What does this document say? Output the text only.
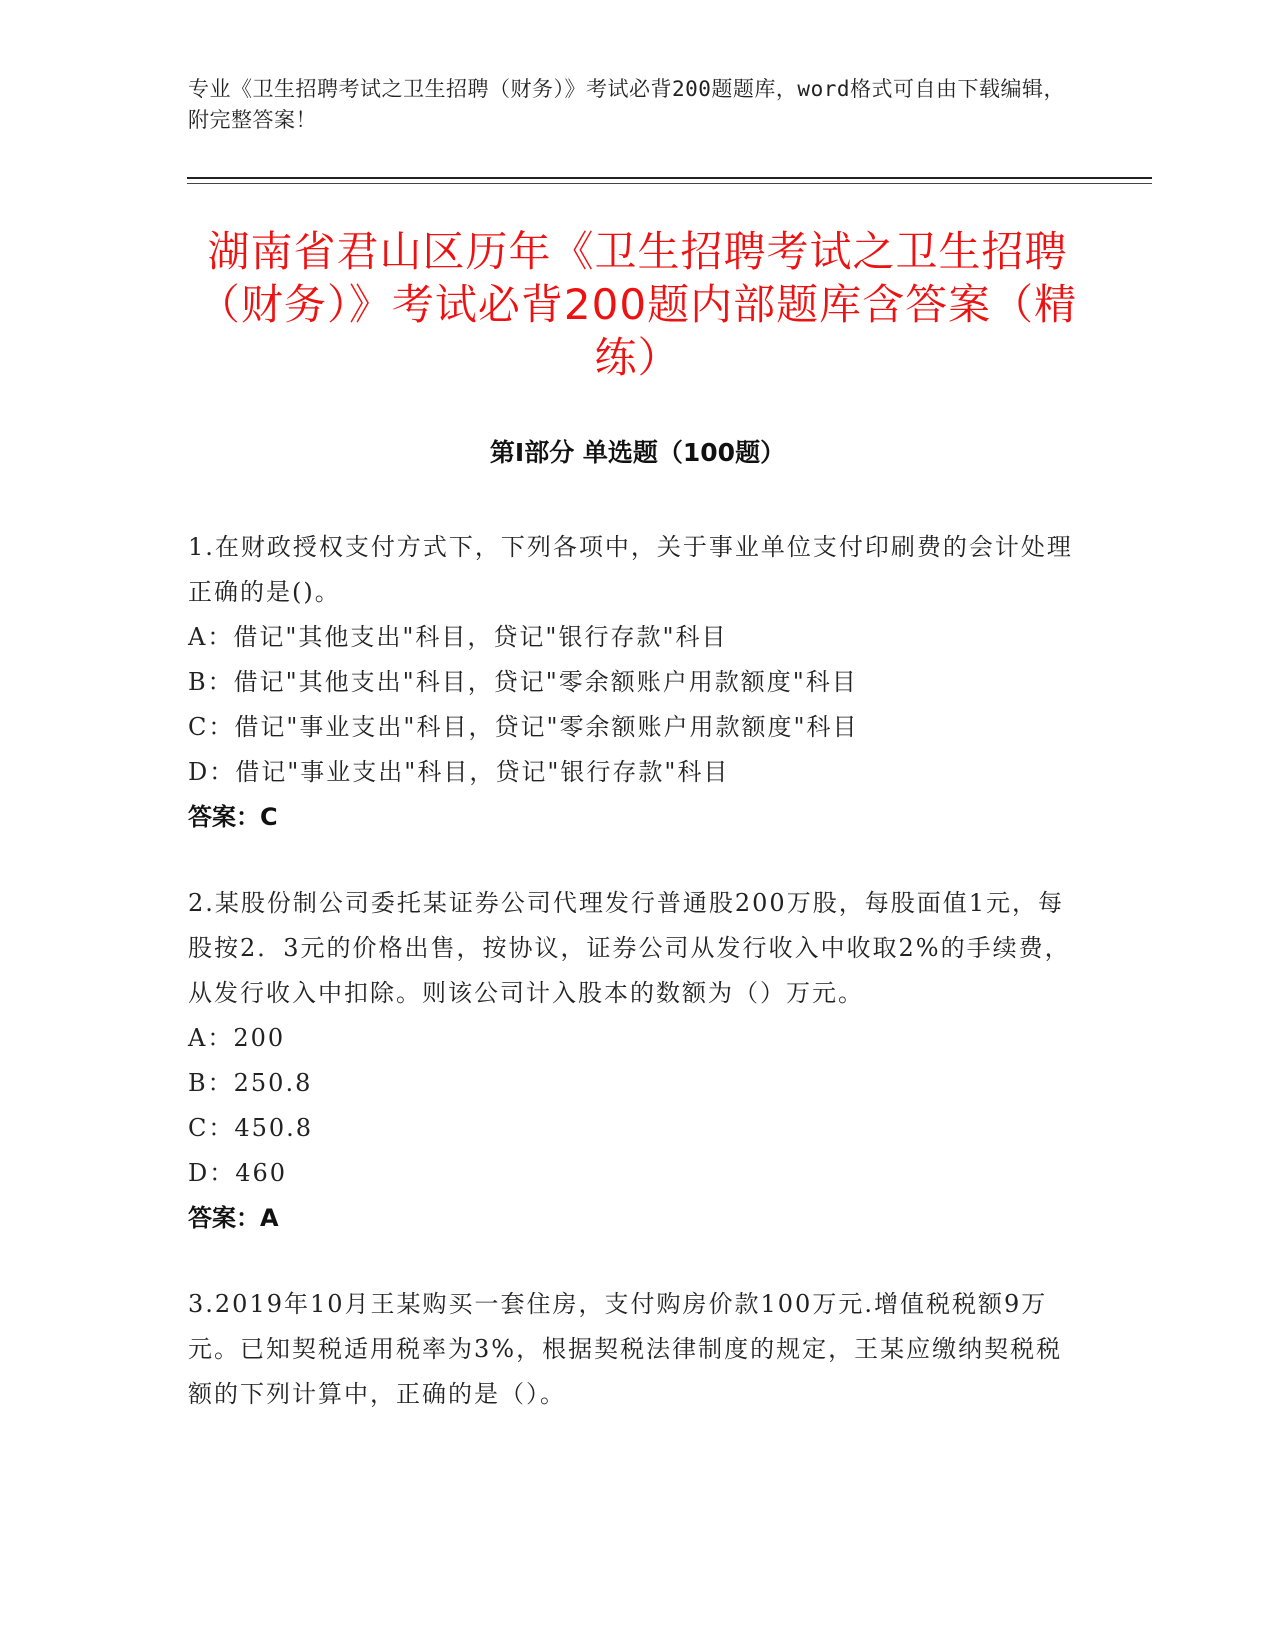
专业《卫生招聘考试之卫生招聘（财务）》考试必背200题题库，word格式可自由下载编辑，附完整答案！
湖南省君山区历年《卫生招聘考试之卫生招聘（财务）》考试必背200题内部题库含答案（精练）
第I部分 单选题（100题）

1.在财政授权支付方式下，下列各项中，关于事业单位支付印刷费的会计处理正确的是()。

A：借记"其他支出"科目，贷记"银行存款"科目
B：借记"其他支出"科目，贷记"零余额账户用款额度"科目
C：借记"事业支出"科目，贷记"零余额账户用款额度"科目
D：借记"事业支出"科目，贷记"银行存款"科目

答案：C

2.某股份制公司委托某证券公司代理发行普通股200万股，每股面值1元，每股按2．3元的价格出售，按协议，证券公司从发行收入中收取2%的手续费，从发行收入中扣除。则该公司计入股本的数额为（）万元。

A：200
B：250.8
C：450.8
D：460

答案：A

3.2019年10月王某购买一套住房，支付购房价款100万元.增值税税额9万元。已知契税适用税率为3%，根据契税法律制度的规定，王某应缴纳契税税额的下列计算中，正确的是（）。
